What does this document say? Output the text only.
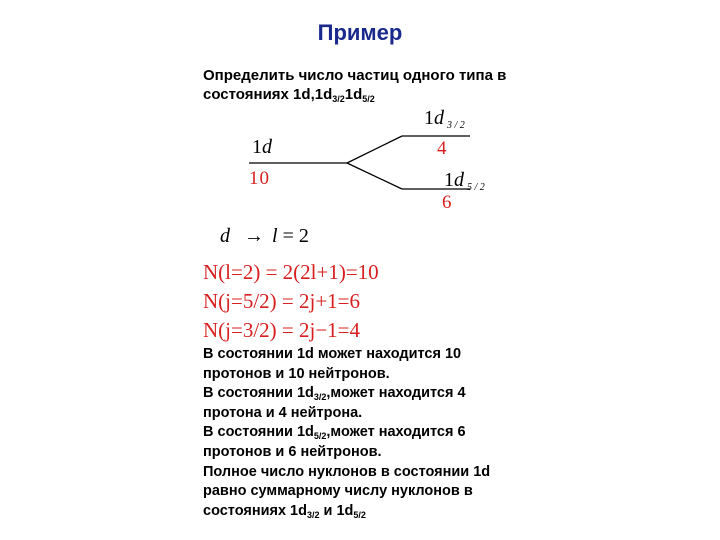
Пример
Определить число частиц одного типа в
состояниях $1d,1d_{3/2}1d_{5/2}$
1d
10
1d $_{3 / 2}$
4
1d $_{5 / 2}$
6
d → l = 2
N(l=2) = 2(2l+1)=10
N(j=5/2) = 2j+1=6
N(j=3/2) = 2j−1=4
В состоянии 1d может находится 10
протонов и 10 нейтронов.
В состоянии $1d_{3/2},может$ находится 4
протона и 4 нейтрона.
В состоянии $1d_{5/2},может$ находится 6
протонов и 6 нейтронов.
Полное число нуклонов в состоянии 1d
равно суммарному числу нуклонов в
состояниях $1d_{3/2}$ и $1d_{5/2}$
